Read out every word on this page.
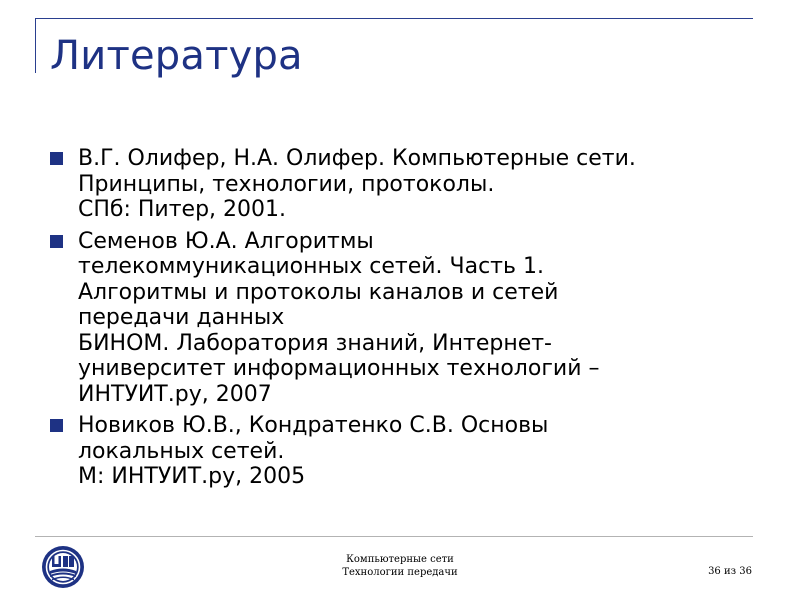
Литература
В.Г. Олифер, Н.А. Олифер. Компьютерные сети.
Принципы, технологии, протоколы.
СПб: Питер, 2001.
Семенов Ю.А. Алгоритмы
телекоммуникационных сетей. Часть 1.
Алгоритмы и протоколы каналов и сетей
передачи данных
БИНОМ. Лаборатория знаний, Интернет-
университет информационных технологий –
ИНТУИТ.ру, 2007
Новиков Ю.В., Кондратенко С.В. Основы
локальных сетей.
М: ИНТУИТ.ру, 2005
Компьютерные сети
Технологии передачи	36 из 36
